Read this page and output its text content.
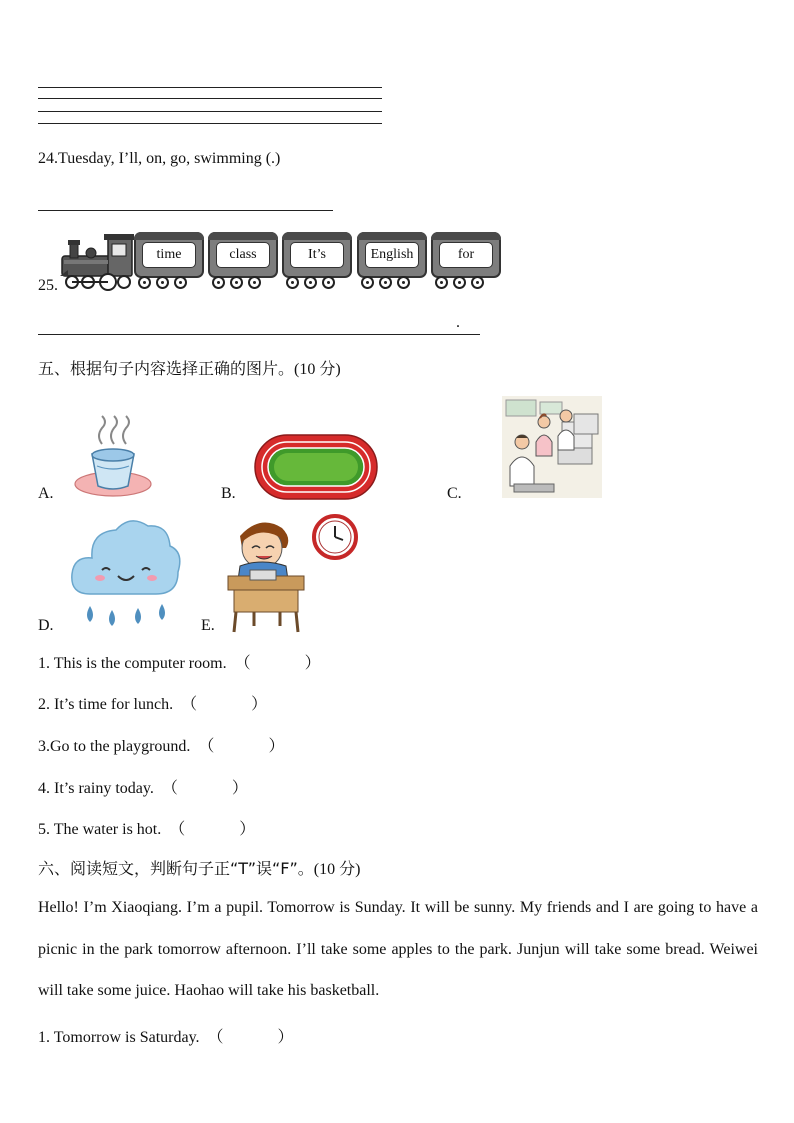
24.Tuesday, I’ll, on, go, swimming (.)
25.
time	class	It’s	English	for
.
五、根据句子内容选择正确的图片。(10 分)
A.	B.	C.
D.	E.
1. This is the computer room. （	）
2. It’s time for lunch. （	）
3.Go to the playground. （	）
4. It’s rainy today. （	）
5. The water is hot. （	）
六、阅读短文，判断句子正“T”误“F”。(10 分)
Hello! I’m Xiaoqiang. I’m a pupil. Tomorrow is Sunday. It will be sunny. My friends and I are going to have a picnic in the park tomorrow afternoon. I’ll take some apples to the park. Junjun will take some bread. Weiwei will take some juice. Haohao will take his basketball.
1. Tomorrow is Saturday. （	）
